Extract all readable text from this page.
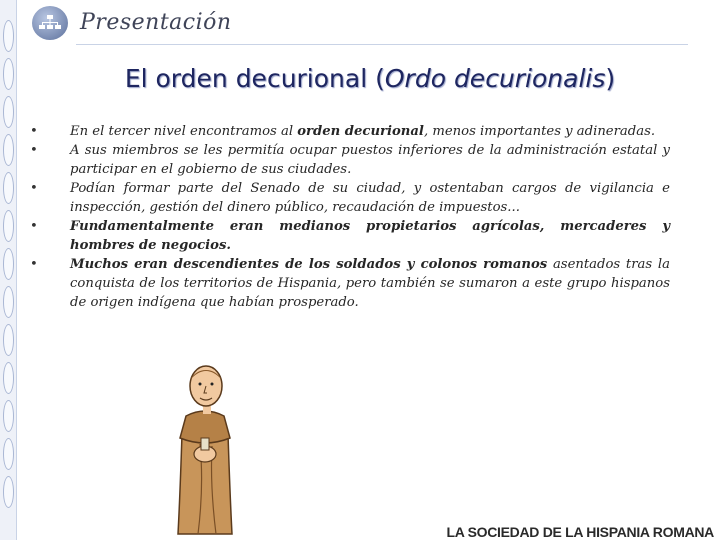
Presentación
El orden decurional (Ordo decurionalis)
• En el tercer nivel encontramos al orden decurional, menos importantes y adineradas.
• A sus miembros se les permitía ocupar puestos inferiores de la administración estatal y participar en el gobierno de sus ciudades.
• Podían formar parte del Senado de su ciudad, y ostentaban cargos de vigilancia e inspección, gestión del dinero público, recaudación de impuestos...
• Fundamentalmente eran medianos propietarios agrícolas, mercaderes y hombres de negocios.
• Muchos eran descendientes de los soldados y colonos romanos asentados tras la conquista de los territorios de Hispania, pero también se sumaron a este grupo hispanos de origen indígena que habían prosperado.
LA SOCIEDAD DE LA HISPANIA ROMANA
